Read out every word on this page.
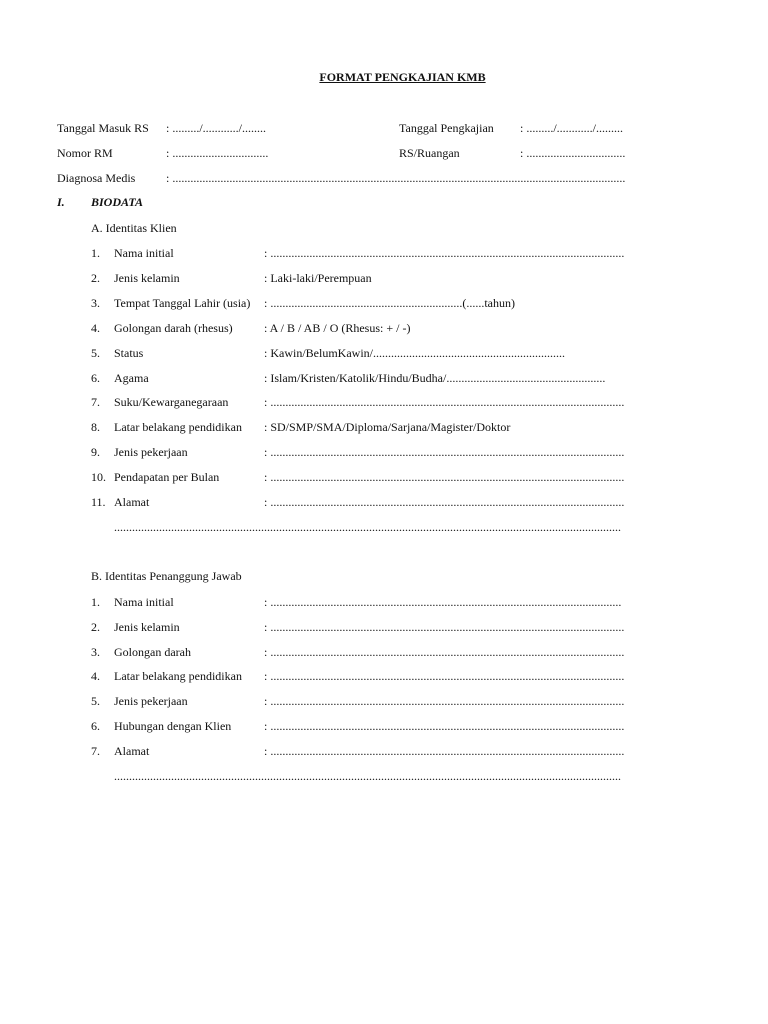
FORMAT PENGKAJIAN KMB
Tanggal Masuk RS : ........./............/........	Tanggal Pengkajian : ........./............/.........
Nomor RM	: ................................	RS/Ruangan	: .................................
Diagnosa Medis	: .......................................................................................................................................................
I. BIODATA
A. Identitas Klien
1. Nama initial	: ......................................................................................................................
2. Jenis kelamin	: Laki-laki/Perempuan
3. Tempat Tanggal Lahir (usia) : ................................................................(......tahun)
4. Golongan darah (rhesus)	: A / B / AB / O (Rhesus: + / -)
5. Status	: Kawin/BelumKawin/................................................................
6. Agama	: Islam/Kristen/Katolik/Hindu/Budha/.....................................................
7. Suku/Kewarganegaraan	: ......................................................................................................................
8. Latar belakang pendidikan : SD/SMP/SMA/Diploma/Sarjana/Magister/Doktor
9. Jenis pekerjaan	: ......................................................................................................................
10. Pendapatan per Bulan	: ......................................................................................................................
11. Alamat	: ......................................................................................................................
.........................................................................................................................................................................
B. Identitas Penanggung Jawab
1. Nama initial	: .....................................................................................................................
2. Jenis kelamin	: ......................................................................................................................
3. Golongan darah	: ......................................................................................................................
4. Latar belakang pendidikan : ......................................................................................................................
5. Jenis pekerjaan	: ......................................................................................................................
6. Hubungan dengan Klien	: ......................................................................................................................
7. Alamat	: ......................................................................................................................
.........................................................................................................................................................................
